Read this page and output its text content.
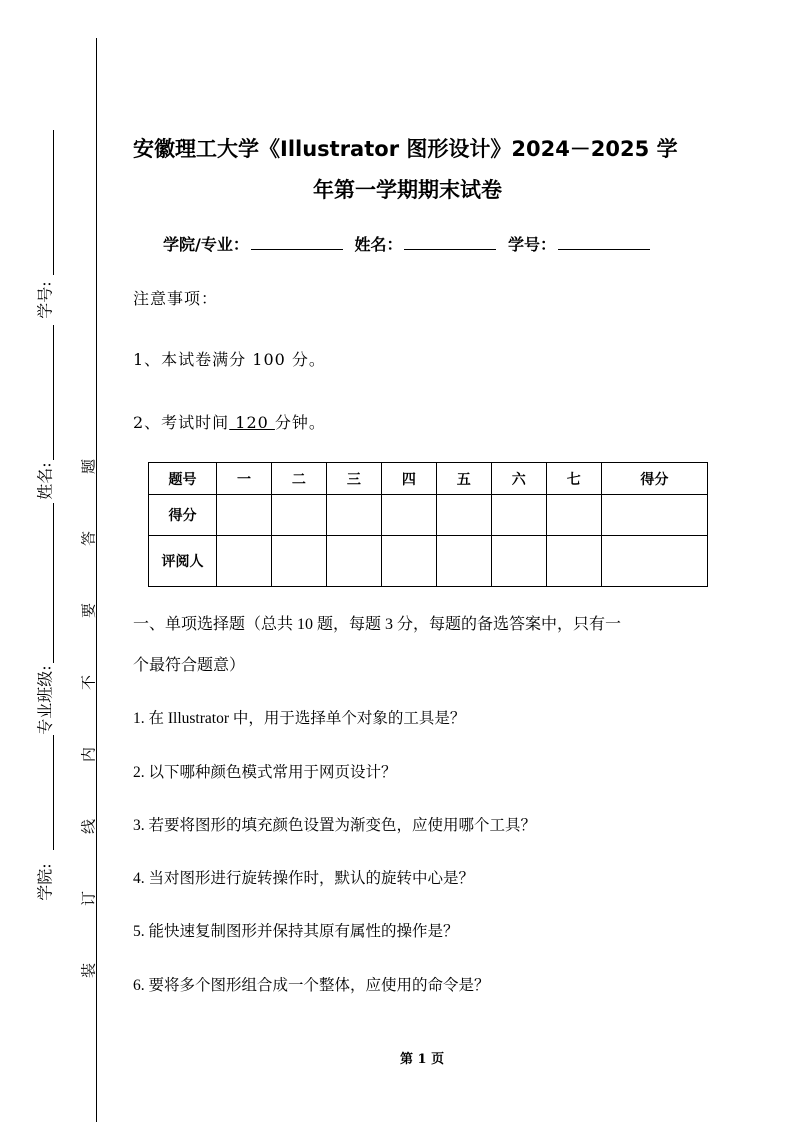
学号:
姓名:
专业班级:
学院: 装订线内不要答题
安徽理工大学《Illustrator 图形设计》2024－2025 学
年第一学期期末试卷
学院/专业：	姓名：	学号：
注意事项：
1、本试卷满分 100 分。
2、考试时间 120 分钟。
题号	一	二	三	四	五	六	七	得分
得分								
评阅人								
一、单项选择题（总共 10 题，每题 3 分，每题的备选答案中，只有一
个最符合题意）
1. 在 Illustrator 中，用于选择单个对象的工具是？
2. 以下哪种颜色模式常用于网页设计？
3. 若要将图形的填充颜色设置为渐变色，应使用哪个工具？
4. 当对图形进行旋转操作时，默认的旋转中心是？
5. 能快速复制图形并保持其原有属性的操作是？
6. 要将多个图形组合成一个整体，应使用的命令是？
第 1 页
